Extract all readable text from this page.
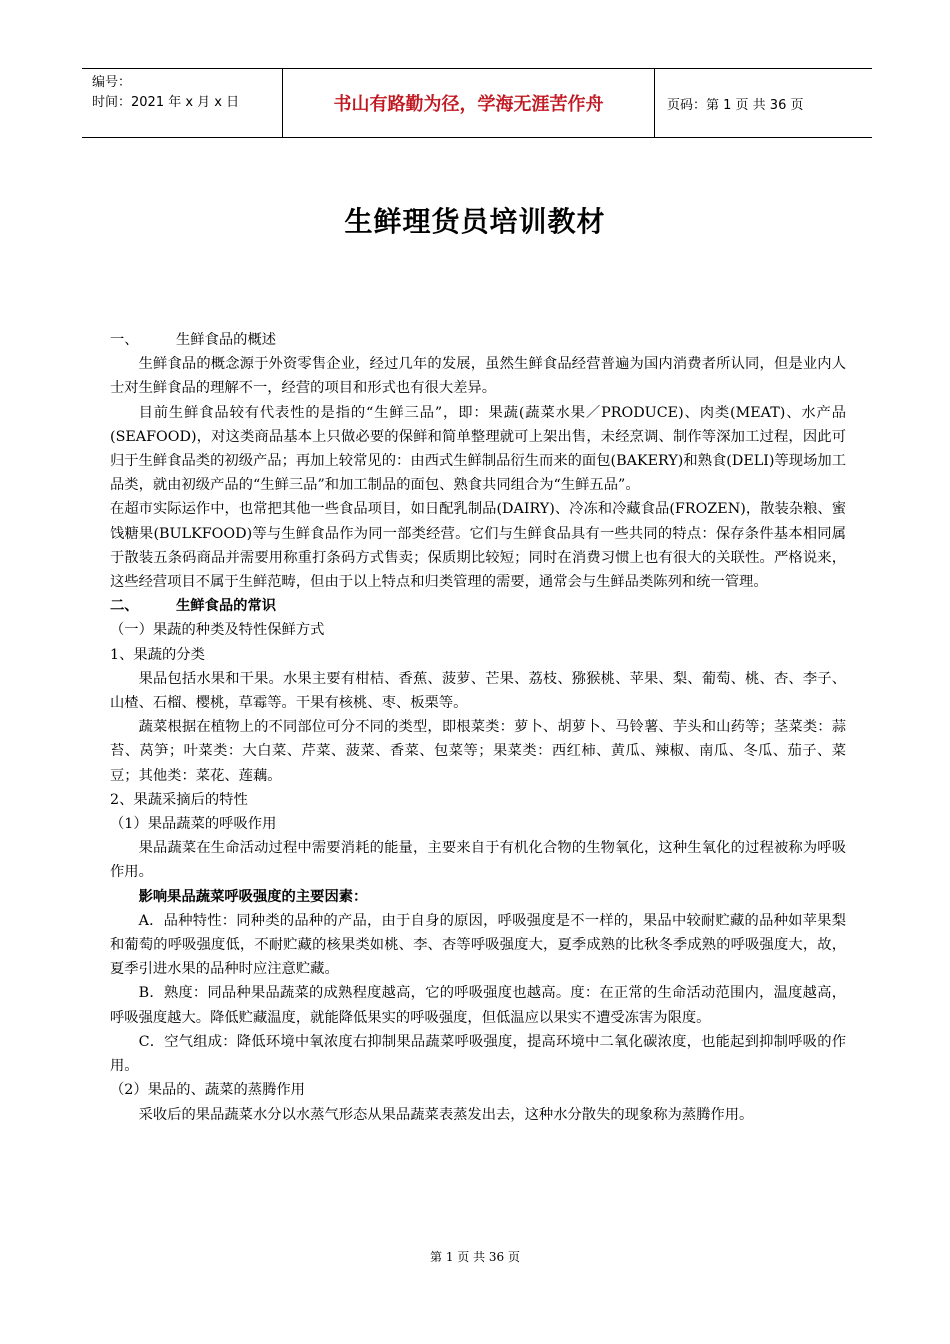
编号：
时间：2021 年 x 月 x 日	书山有路勤为径，学海无涯苦作舟	页码：第 1 页 共 36 页
生鲜理货员培训教材
一、	生鲜食品的概述

生鲜食品的概念源于外资零售企业，经过几年的发展，虽然生鲜食品经营普遍为国内消费者所认同，但是业内人士对生鲜食品的理解不一，经营的项目和形式也有很大差异。

目前生鲜食品较有代表性的是指的“生鲜三品”，即：果蔬(蔬菜水果／PRODUCE)、肉类(MEAT)、水产品(SEAFOOD)，对这类商品基本上只做必要的保鲜和简单整理就可上架出售，未经烹调、制作等深加工过程，因此可归于生鲜食品类的初级产品；再加上较常见的：由西式生鲜制品衍生而来的面包(BAKERY)和熟食(DELI)等现场加工品类，就由初级产品的“生鲜三品”和加工制品的面包、熟食共同组合为“生鲜五品”。

在超市实际运作中，也常把其他一些食品项目，如日配乳制品(DAIRY)、冷冻和冷藏食品(FROZEN)，散装杂粮、蜜饯糖果(BULKFOOD)等与生鲜食品作为同一部类经营。它们与生鲜食品具有一些共同的特点：保存条件基本相同属于散装五条码商品并需要用称重打条码方式售卖；保质期比较短；同时在消费习惯上也有很大的关联性。严格说来，这些经营项目不属于生鲜范畴，但由于以上特点和归类管理的需要，通常会与生鲜品类陈列和统一管理。

二、	生鲜食品的常识

（一）果蔬的种类及特性保鲜方式

1、果蔬的分类

果品包括水果和干果。水果主要有柑桔、香蕉、菠萝、芒果、荔枝、猕猴桃、苹果、梨、葡萄、桃、杏、李子、山楂、石榴、樱桃，草霉等。干果有核桃、枣、板栗等。

蔬菜根据在植物上的不同部位可分不同的类型，即根菜类：萝卜、胡萝卜、马铃薯、芋头和山药等；茎菜类：蒜苔、莴笋；叶菜类：大白菜、芹菜、菠菜、香菜、包菜等；果菜类：西红柿、黄瓜、辣椒、南瓜、冬瓜、茄子、菜豆；其他类：菜花、莲藕。

2、果蔬采摘后的特性

（1）果品蔬菜的呼吸作用

果品蔬菜在生命活动过程中需要消耗的能量，主要来自于有机化合物的生物氧化，这种生氧化的过程被称为呼吸作用。

影响果品蔬菜呼吸强度的主要因素：

A．品种特性：同种类的品种的产品，由于自身的原因，呼吸强度是不一样的，果品中较耐贮藏的品种如苹果梨和葡萄的呼吸强度低，不耐贮藏的核果类如桃、李、杏等呼吸强度大，夏季成熟的比秋冬季成熟的呼吸强度大，故，夏季引进水果的品种时应注意贮藏。

B．熟度：同品种果品蔬菜的成熟程度越高，它的呼吸强度也越高。度：在正常的生命活动范围内，温度越高，呼吸强度越大。降低贮藏温度，就能降低果实的呼吸强度，但低温应以果实不遭受冻害为限度。

C．空气组成：降低环境中氧浓度右抑制果品蔬菜呼吸强度，提高环境中二氧化碳浓度，也能起到抑制呼吸的作用。

（2）果品的、蔬菜的蒸腾作用

采收后的果品蔬菜水分以水蒸气形态从果品蔬菜表蒸发出去，这种水分散失的现象称为蒸腾作用。

第 1 页 共 36 页
